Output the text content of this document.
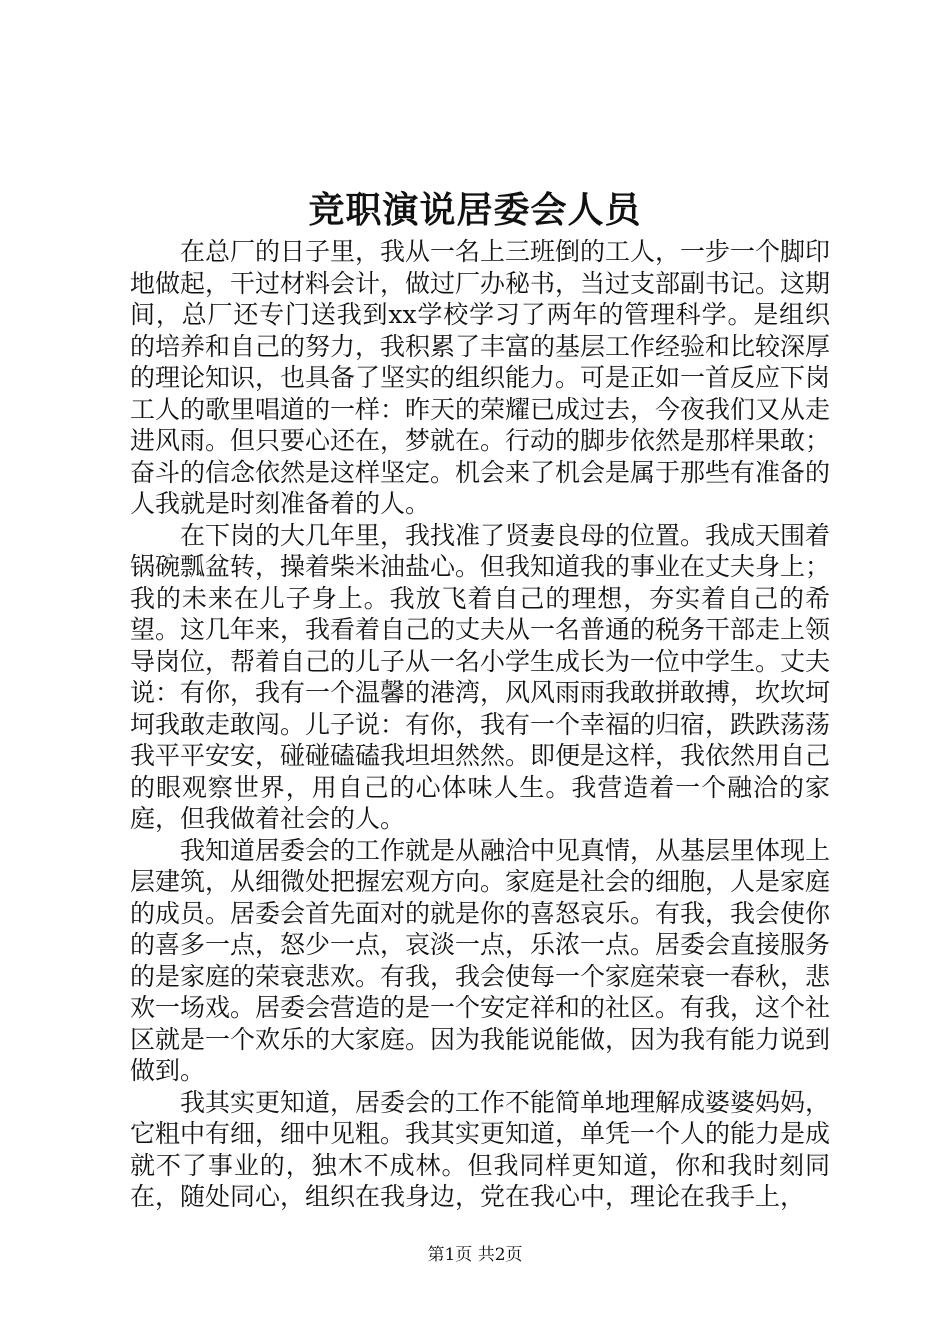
竞职演说居委会人员

在总厂的日子里，我从一名上三班倒的工人，一步一个脚印地做起，干过材料会计，做过厂办秘书，当过支部副书记。这期间，总厂还专门送我到xx学校学习了两年的管理科学。是组织的培养和自己的努力，我积累了丰富的基层工作经验和比较深厚的理论知识，也具备了坚实的组织能力。可是正如一首反应下岗工人的歌里唱道的一样：昨天的荣耀已成过去，今夜我们又从走进风雨。但只要心还在，梦就在。行动的脚步依然是那样果敢；奋斗的信念依然是这样坚定。机会来了机会是属于那些有准备的人我就是时刻准备着的人。

在下岗的大几年里，我找准了贤妻良母的位置。我成天围着锅碗瓢盆转，操着柴米油盐心。但我知道我的事业在丈夫身上；我的未来在儿子身上。我放飞着自己的理想，夯实着自己的希望。这几年来，我看着自己的丈夫从一名普通的税务干部走上领导岗位，帮着自己的儿子从一名小学生成长为一位中学生。丈夫说：有你，我有一个温馨的港湾，风风雨雨我敢拼敢搏，坎坎坷坷我敢走敢闯。儿子说：有你，我有一个幸福的归宿，跌跌荡荡我平平安安，碰碰磕磕我坦坦然然。即便是这样，我依然用自己的眼观察世界，用自己的心体味人生。我营造着一个融洽的家庭，但我做着社会的人。

我知道居委会的工作就是从融洽中见真情，从基层里体现上层建筑，从细微处把握宏观方向。家庭是社会的细胞，人是家庭的成员。居委会首先面对的就是你的喜怒哀乐。有我，我会使你的喜多一点，怒少一点，哀淡一点，乐浓一点。居委会直接服务的是家庭的荣衰悲欢。有我，我会使每一个家庭荣衰一春秋，悲欢一场戏。居委会营造的是一个安定祥和的社区。有我，这个社区就是一个欢乐的大家庭。因为我能说能做，因为我有能力说到做到。

我其实更知道，居委会的工作不能简单地理解成婆婆妈妈，它粗中有细，细中见粗。我其实更知道，单凭一个人的能力是成就不了事业的，独木不成林。但我同样更知道，你和我时刻同在，随处同心，组织在我身边，党在我心中，理论在我手上，

第1页 共2页
